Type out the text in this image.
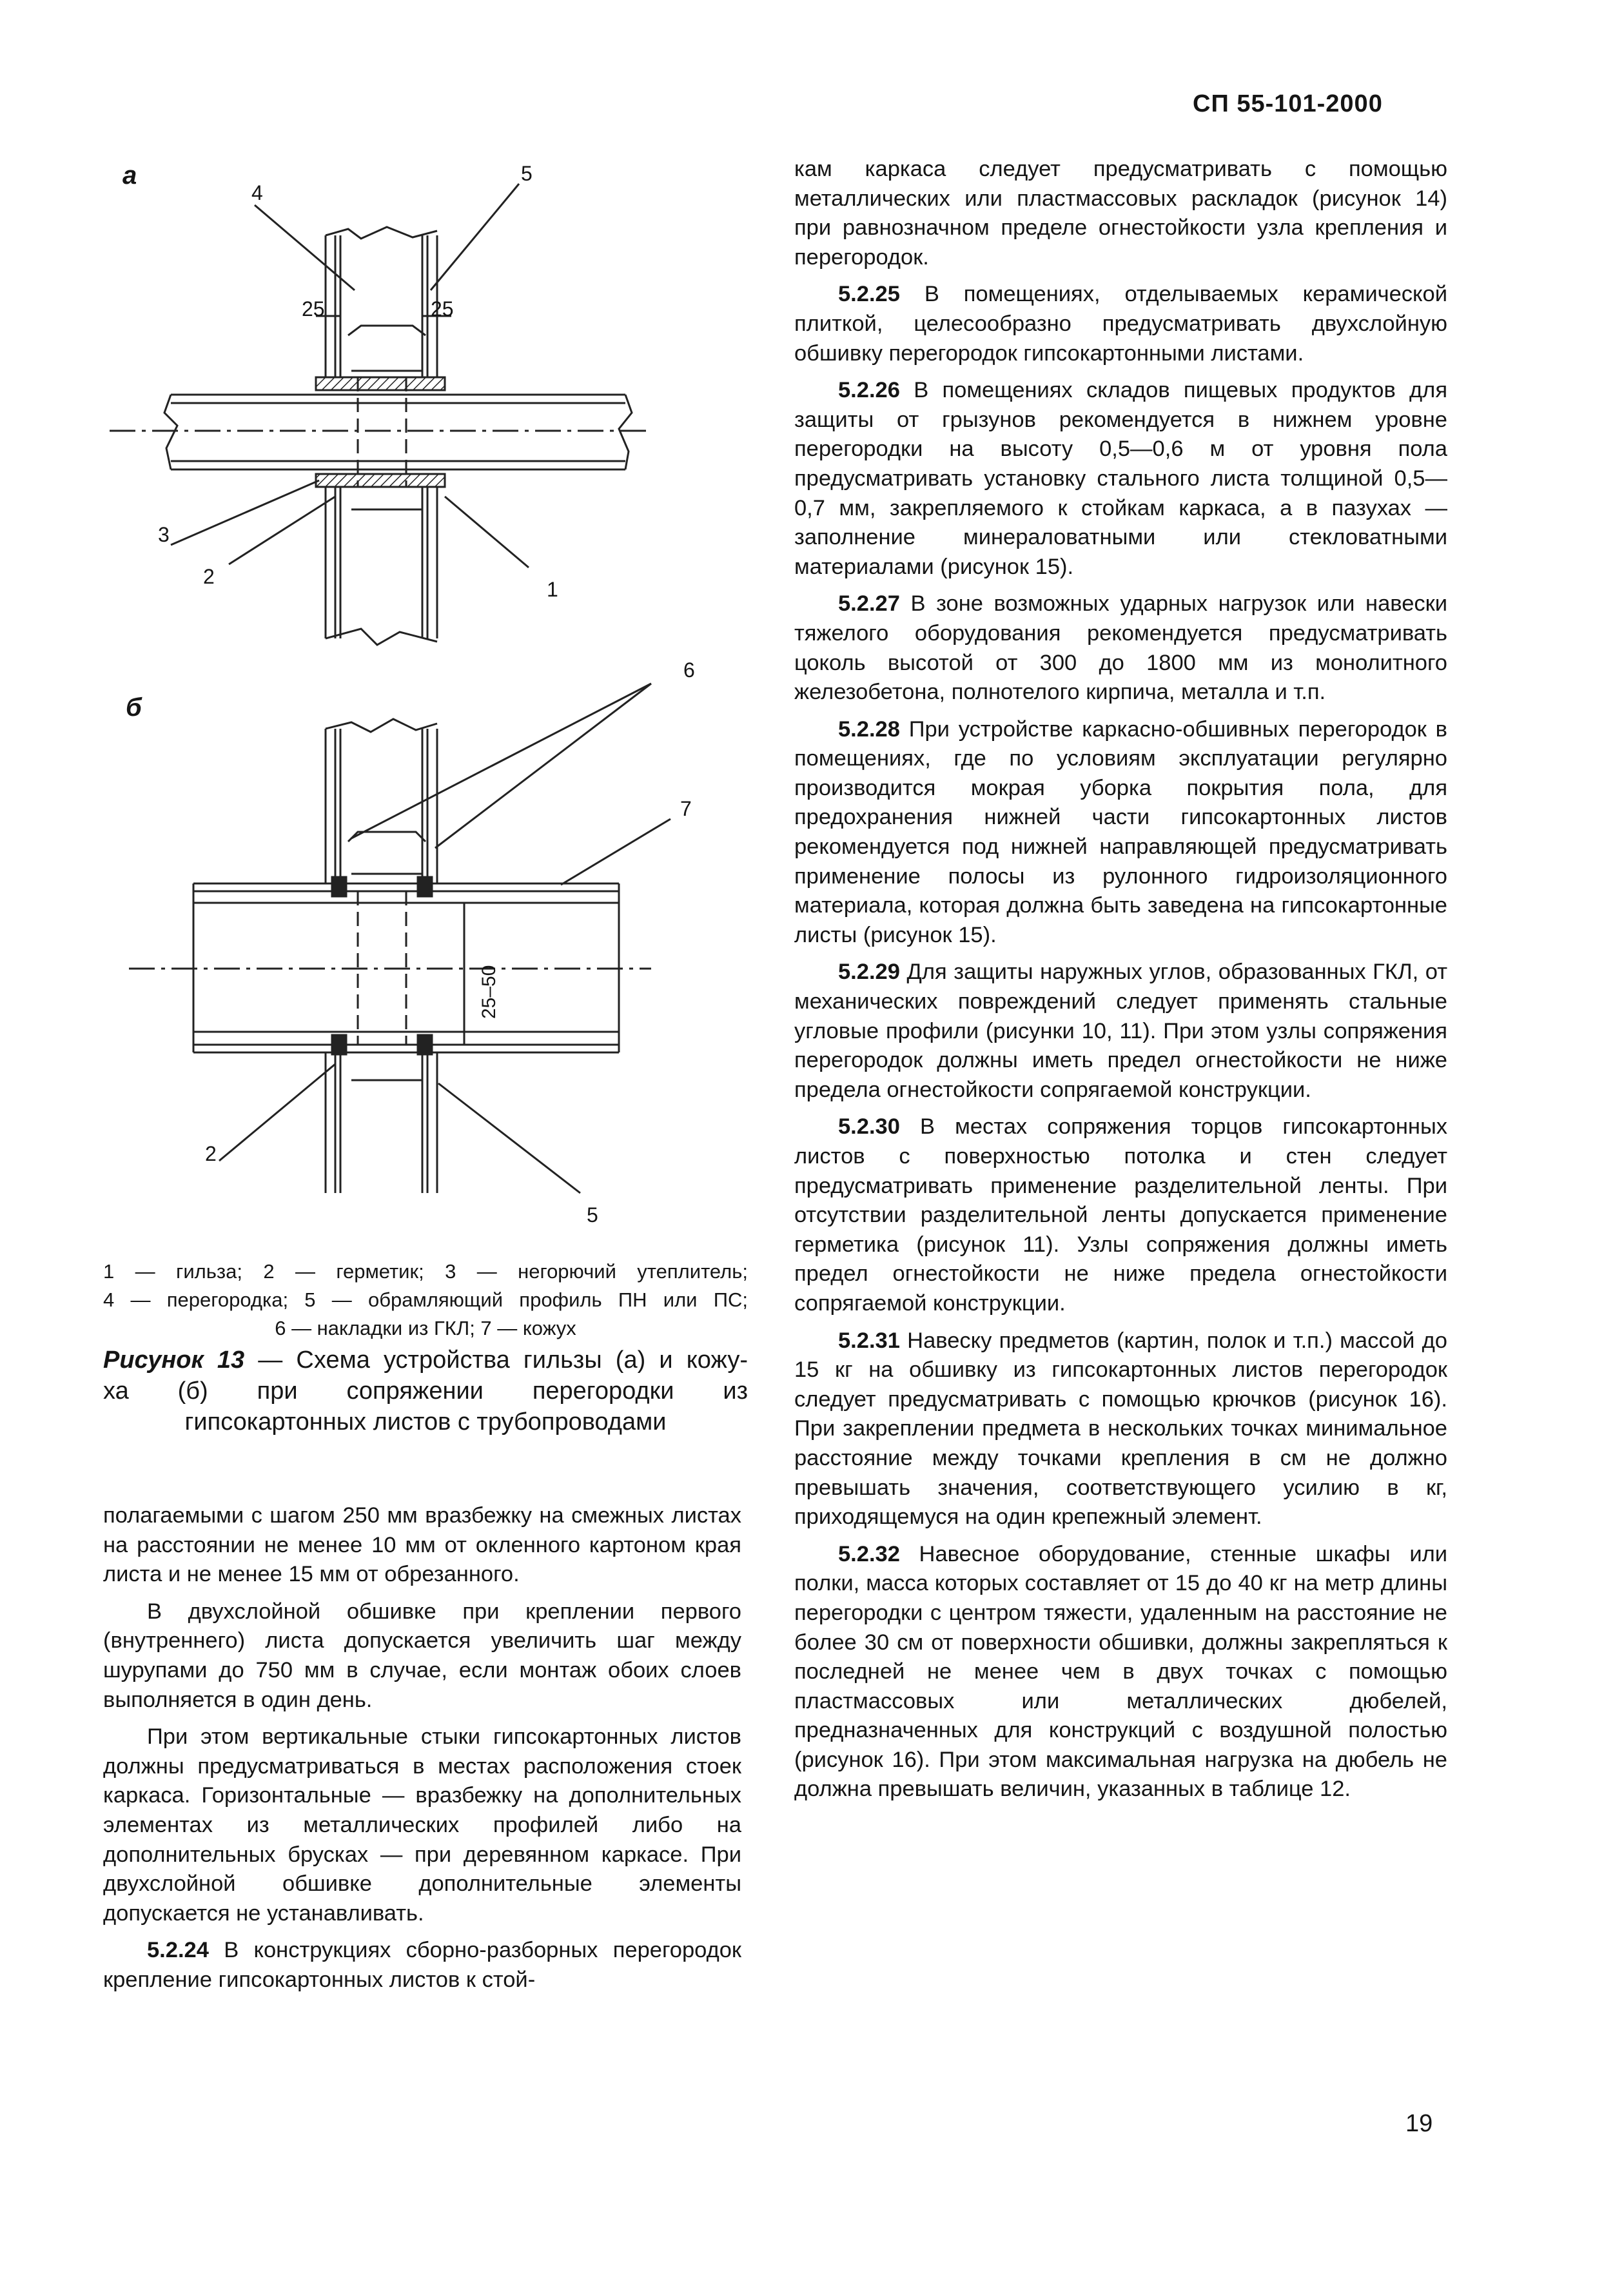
СП 55-101-2000
а
4
5
25	25
3
2
1
б
6
7
25–50
2
5
1 — гильза; 2 — герметик; 3 — негорючий утеплитель;
4 — перегородка; 5 — обрамляющий профиль ПН или ПС;
6 — накладки из ГКЛ; 7 — кожух
Рисунок 13 — Схема устройства гильзы (а) и кожу-
ха (б) при сопряжении перегородки из
гипсокартонных листов с трубопроводами

полагаемыми с шагом 250 мм вразбежку на смежных листах на расстоянии не менее 10 мм от окленного картоном края листа и не менее 15 мм от обрезанного.

В двухслойной обшивке при креплении первого (внутреннего) листа допускается увеличить шаг между шурупами до 750 мм в случае, если монтаж обоих слоев выполняется в один день.

При этом вертикальные стыки гипсокартонных листов должны предусматриваться в местах расположения стоек каркаса. Горизонтальные — вразбежку на дополнительных элементах из металлических профилей либо на дополнительных брусках — при деревянном каркасе. При двухслойной обшивке дополнительные элементы допускается не устанавливать.

5.2.24 В конструкциях сборно-разборных перегородок крепление гипсокартонных листов к стой-

кам каркаса следует предусматривать с помощью металлических или пластмассовых раскладок (рисунок 14) при равнозначном пределе огнестойкости узла крепления и перегородок.

5.2.25 В помещениях, отделываемых керамической плиткой, целесообразно предусматривать двухслойную обшивку перегородок гипсокартонными листами.

5.2.26 В помещениях складов пищевых продуктов для защиты от грызунов рекомендуется в нижнем уровне перегородки на высоту 0,5—0,6 м от уровня пола предусматривать установку стального листа толщиной 0,5—0,7 мм, закрепляемого к стойкам каркаса, а в пазухах — заполнение минераловатными или стекловатными материалами (рисунок 15).

5.2.27 В зоне возможных ударных нагрузок или навески тяжелого оборудования рекомендуется предусматривать цоколь высотой от 300 до 1800 мм из монолитного железобетона, полнотелого кирпича, металла и т.п.

5.2.28 При устройстве каркасно-обшивных перегородок в помещениях, где по условиям эксплуатации регулярно производится мокрая уборка покрытия пола, для предохранения нижней части гипсокартонных листов рекомендуется под нижней направляющей предусматривать применение полосы из рулонного гидроизоляционного материала, которая должна быть заведена на гипсокартонные листы (рисунок 15).

5.2.29 Для защиты наружных углов, образованных ГКЛ, от механических повреждений следует применять стальные угловые профили (рисунки 10, 11). При этом узлы сопряжения перегородок должны иметь предел огнестойкости не ниже предела огнестойкости сопрягаемой конструкции.

5.2.30 В местах сопряжения торцов гипсокартонных листов с поверхностью потолка и стен следует предусматривать применение разделительной ленты. При отсутствии разделительной ленты допускается применение герметика (рисунок 11). Узлы сопряжения должны иметь предел огнестойкости не ниже предела огнестойкости сопрягаемой конструкции.

5.2.31 Навеску предметов (картин, полок и т.п.) массой до 15 кг на обшивку из гипсокартонных листов перегородок следует предусматривать с помощью крючков (рисунок 16). При закреплении предмета в нескольких точках минимальное расстояние между точками крепления в см не должно превышать значения, соответствующего усилию в кг, приходящемуся на один крепежный элемент.

5.2.32 Навесное оборудование, стенные шкафы или полки, масса которых составляет от 15 до 40 кг на метр длины перегородки с центром тяжести, удаленным на расстояние не более 30 см от поверхности обшивки, должны закрепляться к последней не менее чем в двух точках с помощью пластмассовых или металлических дюбелей, предназначенных для конструкций с воздушной полостью (рисунок 16). При этом максимальная нагрузка на дюбель не должна превышать величин, указанных в таблице 12.

19
